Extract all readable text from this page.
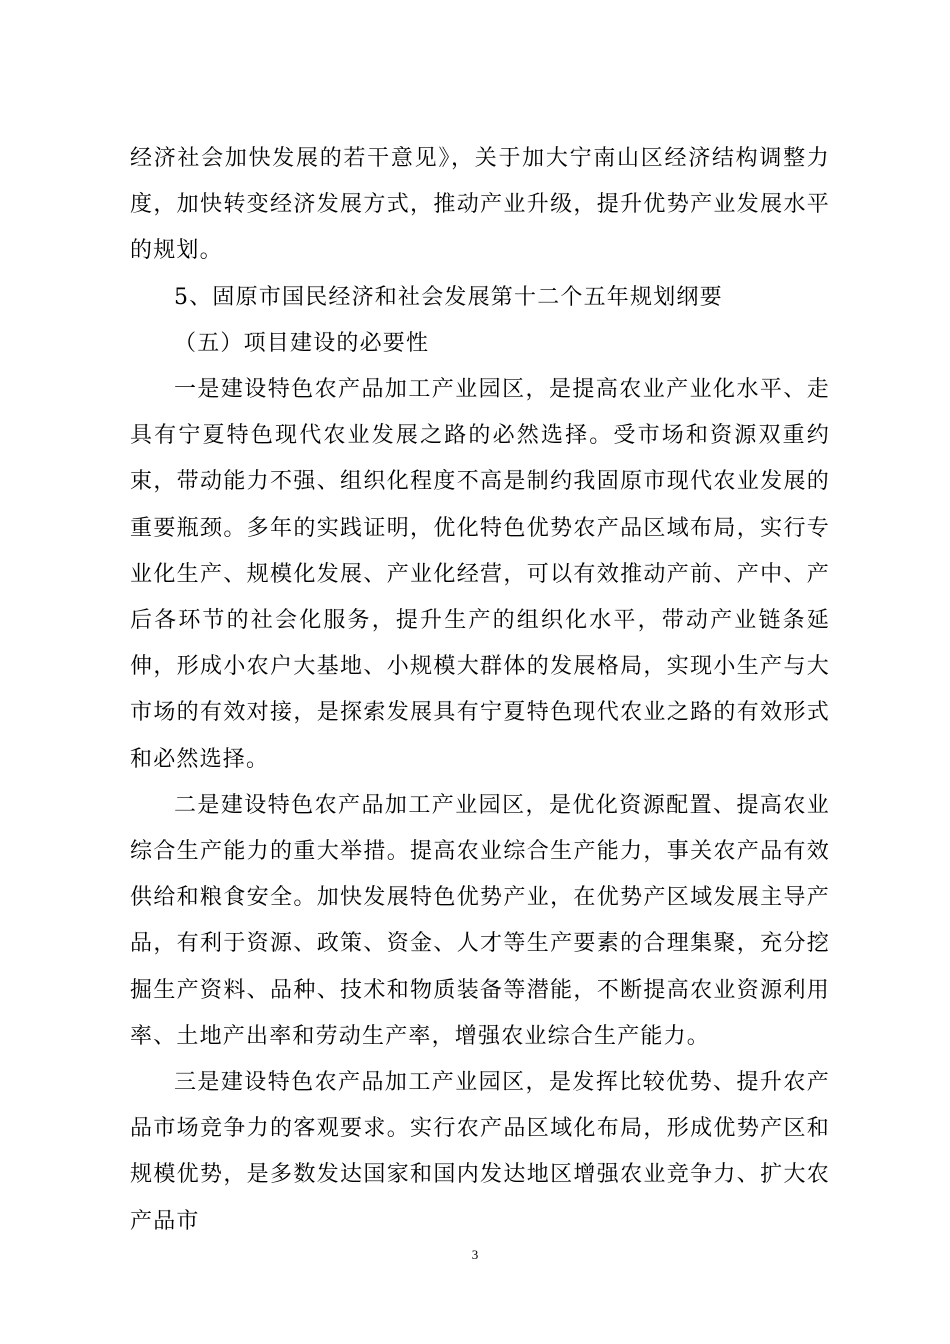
经济社会加快发展的若干意见》，关于加大宁南山区经济结构调整力度，加快转变经济发展方式，推动产业升级，提升优势产业发展水平的规划。

5、固原市国民经济和社会发展第十二个五年规划纲要

（五）项目建设的必要性

一是建设特色农产品加工产业园区，是提高农业产业化水平、走具有宁夏特色现代农业发展之路的必然选择。受市场和资源双重约束，带动能力不强、组织化程度不高是制约我固原市现代农业发展的重要瓶颈。多年的实践证明，优化特色优势农产品区域布局，实行专业化生产、规模化发展、产业化经营，可以有效推动产前、产中、产后各环节的社会化服务，提升生产的组织化水平，带动产业链条延伸，形成小农户大基地、小规模大群体的发展格局，实现小生产与大市场的有效对接，是探索发展具有宁夏特色现代农业之路的有效形式和必然选择。

二是建设特色农产品加工产业园区，是优化资源配置、提高农业综合生产能力的重大举措。提高农业综合生产能力，事关农产品有效供给和粮食安全。加快发展特色优势产业，在优势产区域发展主导产品，有利于资源、政策、资金、人才等生产要素的合理集聚，充分挖掘生产资料、品种、技术和物质装备等潜能，不断提高农业资源利用率、土地产出率和劳动生产率，增强农业综合生产能力。

三是建设特色农产品加工产业园区，是发挥比较优势、提升农产品市场竞争力的客观要求。实行农产品区域化布局，形成优势产区和规模优势，是多数发达国家和国内发达地区增强农业竞争力、扩大农产品市

3
